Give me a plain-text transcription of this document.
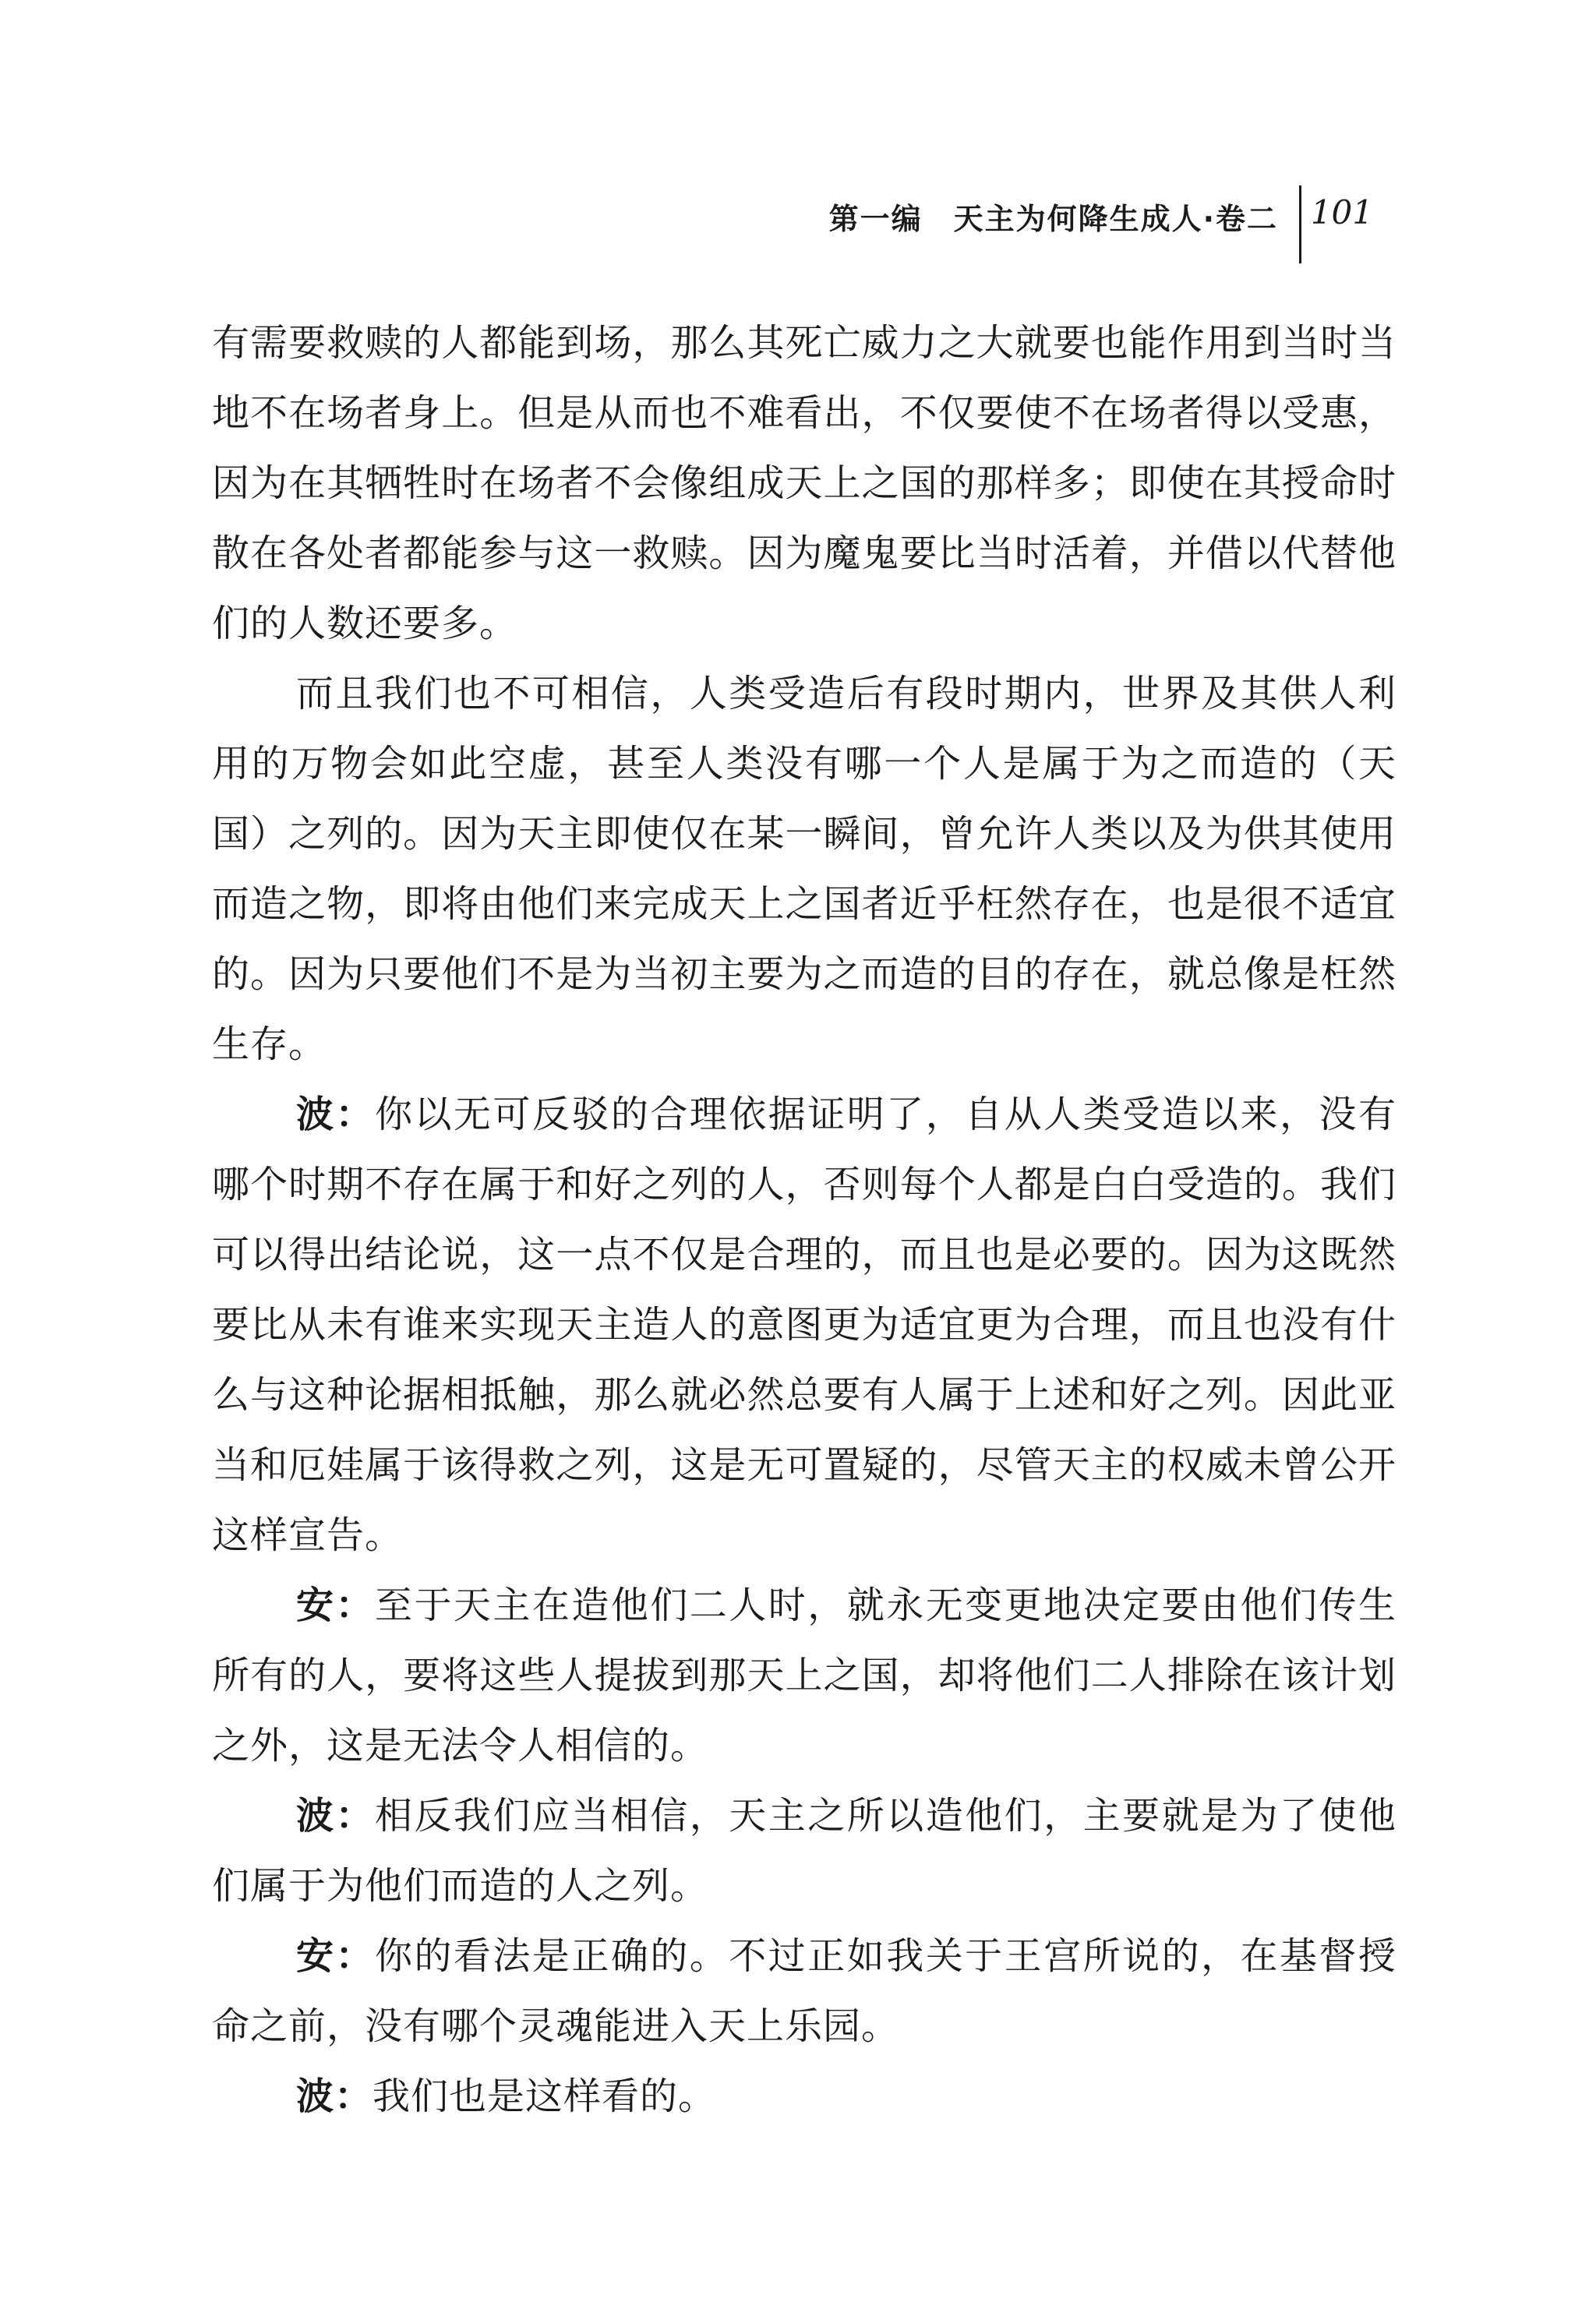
第一编　天主为何降生成人·卷二 101

有需要救赎的人都能到场，那么其死亡威力之大就要也能作用到当时当地不在场者身上。但是从而也不难看出，不仅要使不在场者得以受惠，因为在其牺牲时在场者不会像组成天上之国的那样多；即使在其授命时散在各处者都能参与这一救赎。因为魔鬼要比当时活着，并借以代替他们的人数还要多。

而且我们也不可相信，人类受造后有段时期内，世界及其供人利用的万物会如此空虚，甚至人类没有哪一个人是属于为之而造的（天国）之列的。因为天主即使仅在某一瞬间，曾允许人类以及为供其使用而造之物，即将由他们来完成天上之国者近乎枉然存在，也是很不适宜的。因为只要他们不是为当初主要为之而造的目的存在，就总像是枉然生存。

波：你以无可反驳的合理依据证明了，自从人类受造以来，没有哪个时期不存在属于和好之列的人，否则每个人都是白白受造的。我们可以得出结论说，这一点不仅是合理的，而且也是必要的。因为这既然要比从未有谁来实现天主造人的意图更为适宜更为合理，而且也没有什么与这种论据相抵触，那么就必然总要有人属于上述和好之列。因此亚当和厄娃属于该得救之列，这是无可置疑的，尽管天主的权威未曾公开这样宣告。

安：至于天主在造他们二人时，就永无变更地决定要由他们传生所有的人，要将这些人提拔到那天上之国，却将他们二人排除在该计划之外，这是无法令人相信的。

波：相反我们应当相信，天主之所以造他们，主要就是为了使他们属于为他们而造的人之列。

安：你的看法是正确的。不过正如我关于王宫所说的，在基督授命之前，没有哪个灵魂能进入天上乐园。

波：我们也是这样看的。
